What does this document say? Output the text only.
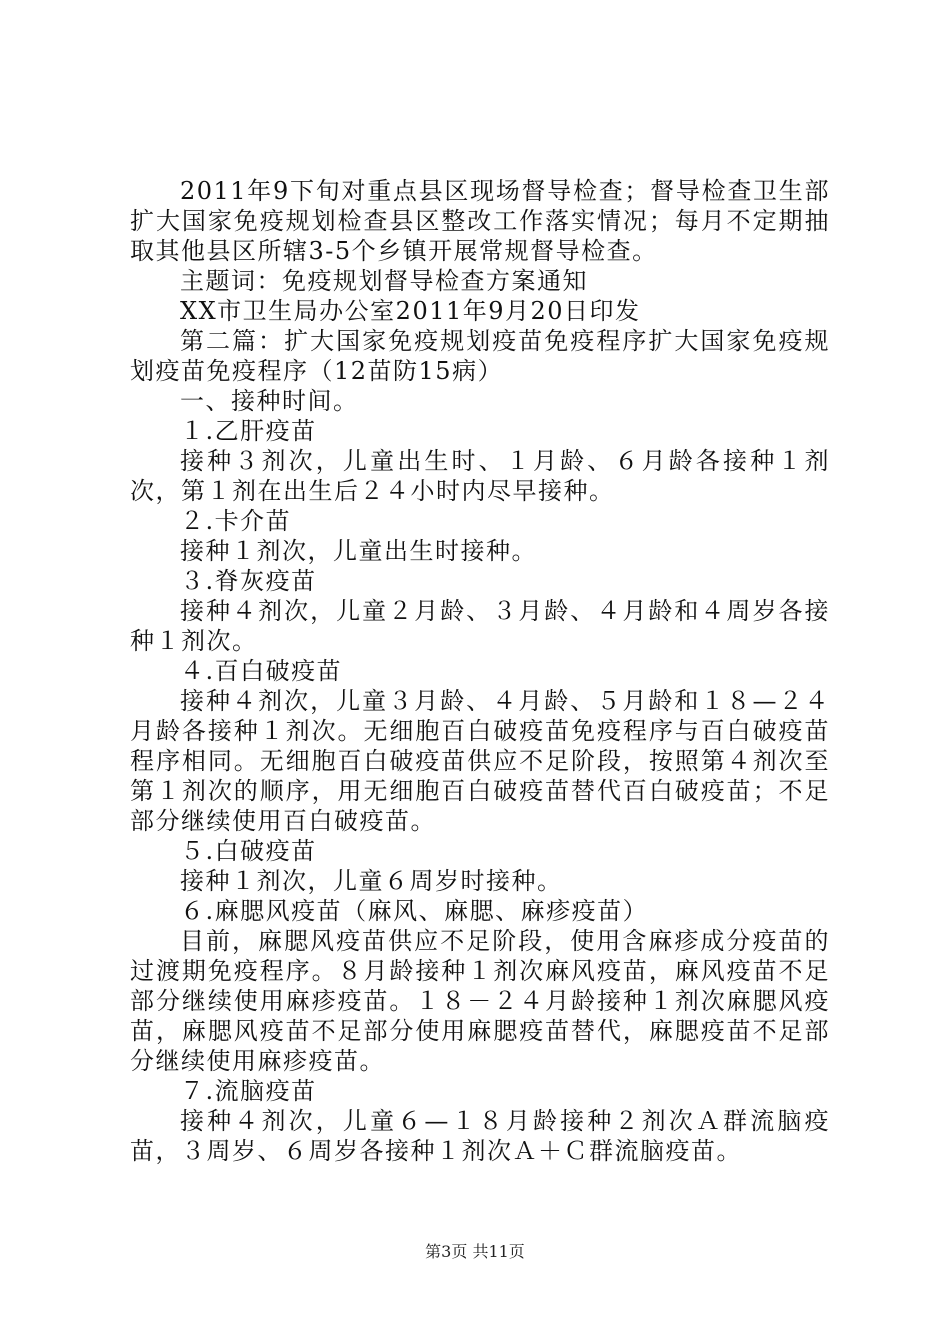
2011年9下旬对重点县区现场督导检查；督导检查卫生部扩大国家免疫规划检查县区整改工作落实情况；每月不定期抽取其他县区所辖3-5个乡镇开展常规督导检查。

主题词：免疫规划督导检查方案通知

XX市卫生局办公室2011年9月20日印发

第二篇：扩大国家免疫规划疫苗免疫程序扩大国家免疫规划疫苗免疫程序（12苗防15病）

一、接种时间。

１.乙肝疫苗

接种３剂次，儿童出生时、１月龄、６月龄各接种１剂次，第１剂在出生后２４小时内尽早接种。

２.卡介苗

接种１剂次，儿童出生时接种。

３.脊灰疫苗

接种４剂次，儿童２月龄、３月龄、４月龄和４周岁各接种１剂次。

４.百白破疫苗

接种４剂次，儿童３月龄、４月龄、５月龄和１８—２４月龄各接种１剂次。无细胞百白破疫苗免疫程序与百白破疫苗程序相同。无细胞百白破疫苗供应不足阶段，按照第４剂次至第１剂次的顺序，用无细胞百白破疫苗替代百白破疫苗；不足部分继续使用百白破疫苗。

５.白破疫苗

接种１剂次，儿童６周岁时接种。

６.麻腮风疫苗（麻风、麻腮、麻疹疫苗）

目前，麻腮风疫苗供应不足阶段，使用含麻疹成分疫苗的过渡期免疫程序。８月龄接种１剂次麻风疫苗，麻风疫苗不足部分继续使用麻疹疫苗。１８－２４月龄接种１剂次麻腮风疫苗，麻腮风疫苗不足部分使用麻腮疫苗替代，麻腮疫苗不足部分继续使用麻疹疫苗。

７.流脑疫苗

接种４剂次，儿童６—１８月龄接种２剂次Ａ群流脑疫苗，３周岁、６周岁各接种１剂次Ａ＋Ｃ群流脑疫苗。

第3页 共11页
